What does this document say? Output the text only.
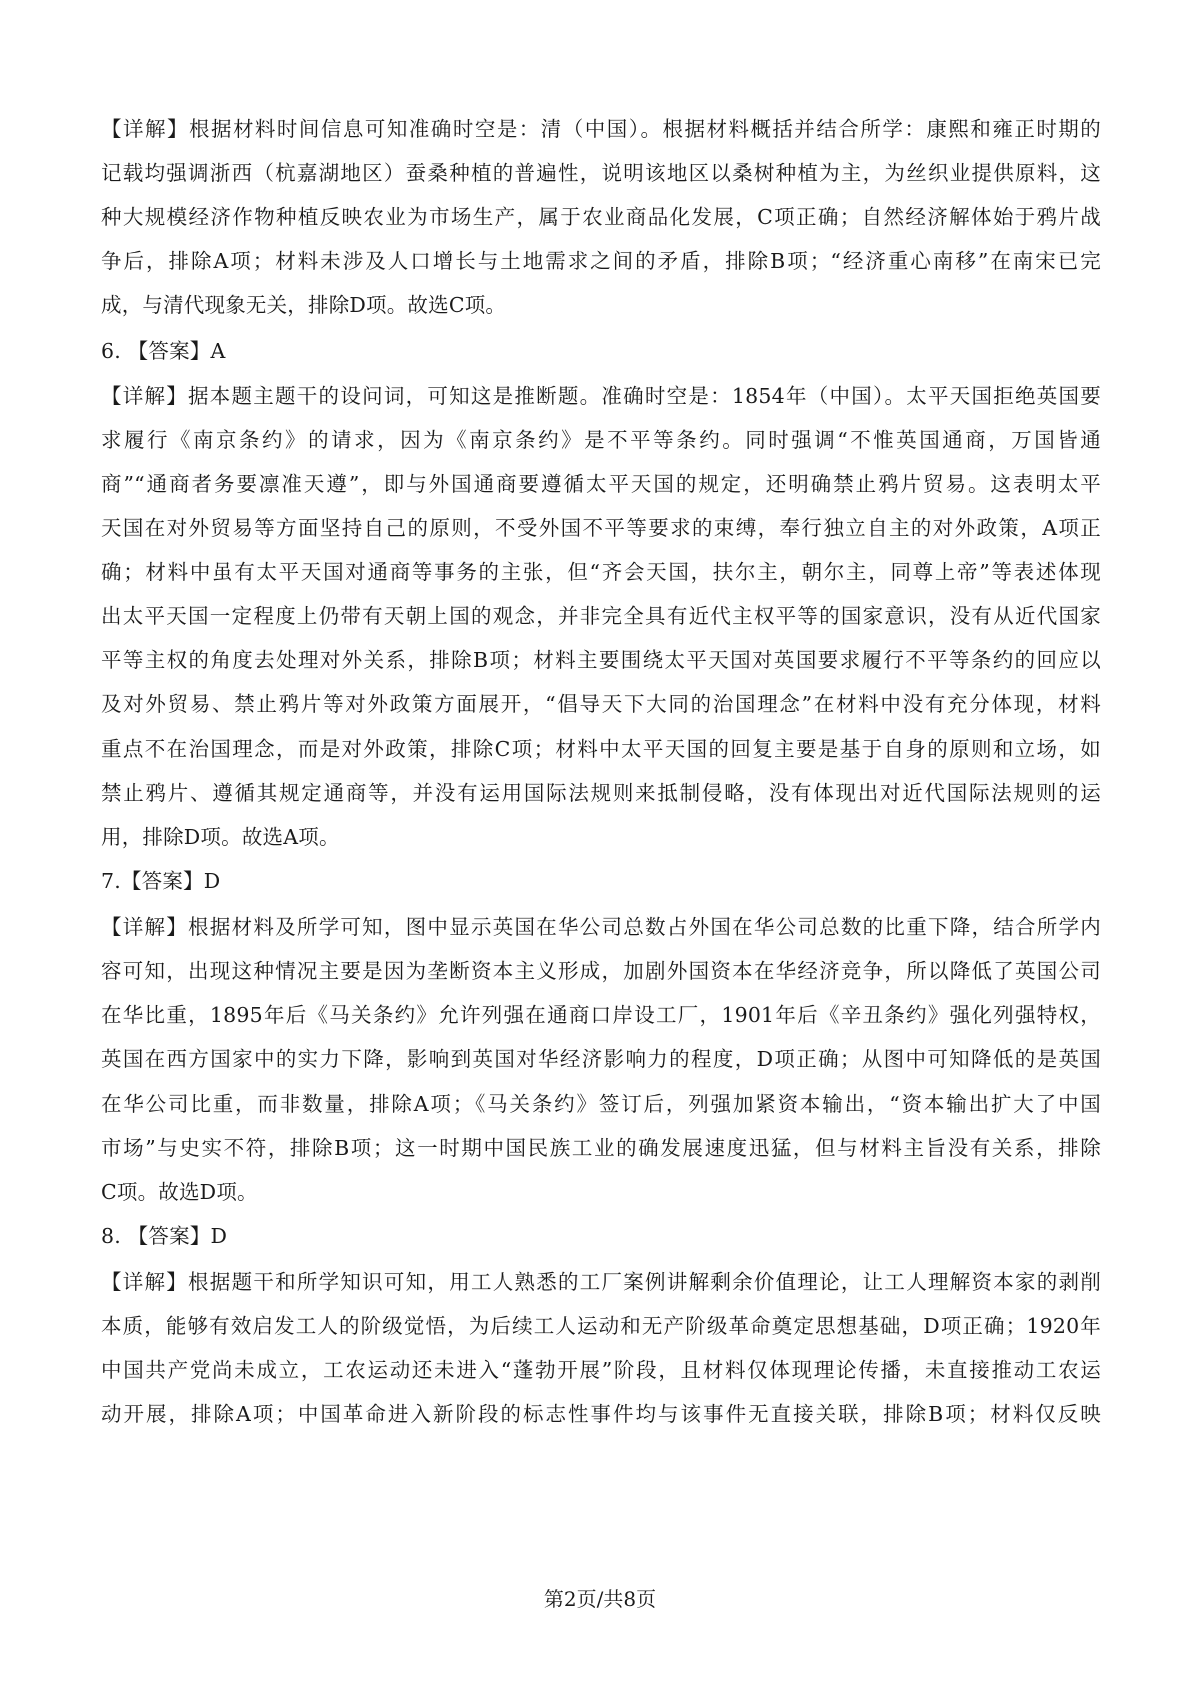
【详解】根据材料时间信息可知准确时空是：清（中国）。根据材料概括并结合所学：康熙和雍正时期的
记载均强调浙西（杭嘉湖地区）蚕桑种植的普遍性，说明该地区以桑树种植为主，为丝织业提供原料，这
种大规模经济作物种植反映农业为市场生产，属于农业商品化发展，C项正确；自然经济解体始于鸦片战
争后，排除A项；材料未涉及人口增长与土地需求之间的矛盾，排除B项；“经济重心南移”在南宋已完
成，与清代现象无关，排除D项。故选C项。
6. 【答案】A
【详解】据本题主题干的设问词，可知这是推断题。准确时空是：1854年（中国）。太平天国拒绝英国要
求履行《南京条约》的请求，因为《南京条约》是不平等条约。同时强调“不惟英国通商，万国皆通
商”“通商者务要凛准天遵”，即与外国通商要遵循太平天国的规定，还明确禁止鸦片贸易。这表明太平
天国在对外贸易等方面坚持自己的原则，不受外国不平等要求的束缚，奉行独立自主的对外政策，A项正
确；材料中虽有太平天国对通商等事务的主张，但“齐会天国，扶尔主，朝尔主，同尊上帝”等表述体现
出太平天国一定程度上仍带有天朝上国的观念，并非完全具有近代主权平等的国家意识，没有从近代国家
平等主权的角度去处理对外关系，排除B项；材料主要围绕太平天国对英国要求履行不平等条约的回应以
及对外贸易、禁止鸦片等对外政策方面展开，“倡导天下大同的治国理念”在材料中没有充分体现，材料
重点不在治国理念，而是对外政策，排除C项；材料中太平天国的回复主要是基于自身的原则和立场，如
禁止鸦片、遵循其规定通商等，并没有运用国际法规则来抵制侵略，没有体现出对近代国际法规则的运
用，排除D项。故选A项。
7.【答案】D
【详解】根据材料及所学可知，图中显示英国在华公司总数占外国在华公司总数的比重下降，结合所学内
容可知，出现这种情况主要是因为垄断资本主义形成，加剧外国资本在华经济竞争，所以降低了英国公司
在华比重，1895年后《马关条约》允许列强在通商口岸设工厂，1901年后《辛丑条约》强化列强特权，
英国在西方国家中的实力下降，影响到英国对华经济影响力的程度，D项正确；从图中可知降低的是英国
在华公司比重，而非数量，排除A项；《马关条约》签订后，列强加紧资本输出，“资本输出扩大了中国
市场”与史实不符，排除B项；这一时期中国民族工业的确发展速度迅猛，但与材料主旨没有关系，排除
C项。故选D项。
8. 【答案】D
【详解】根据题干和所学知识可知，用工人熟悉的工厂案例讲解剩余价值理论，让工人理解资本家的剥削
本质，能够有效启发工人的阶级觉悟，为后续工人运动和无产阶级革命奠定思想基础，D项正确；1920年
中国共产党尚未成立，工农运动还未进入“蓬勃开展”阶段，且材料仅体现理论传播，未直接推动工农运
动开展，排除A项；中国革命进入新阶段的标志性事件均与该事件无直接关联，排除B项；材料仅反映
第2页/共8页
